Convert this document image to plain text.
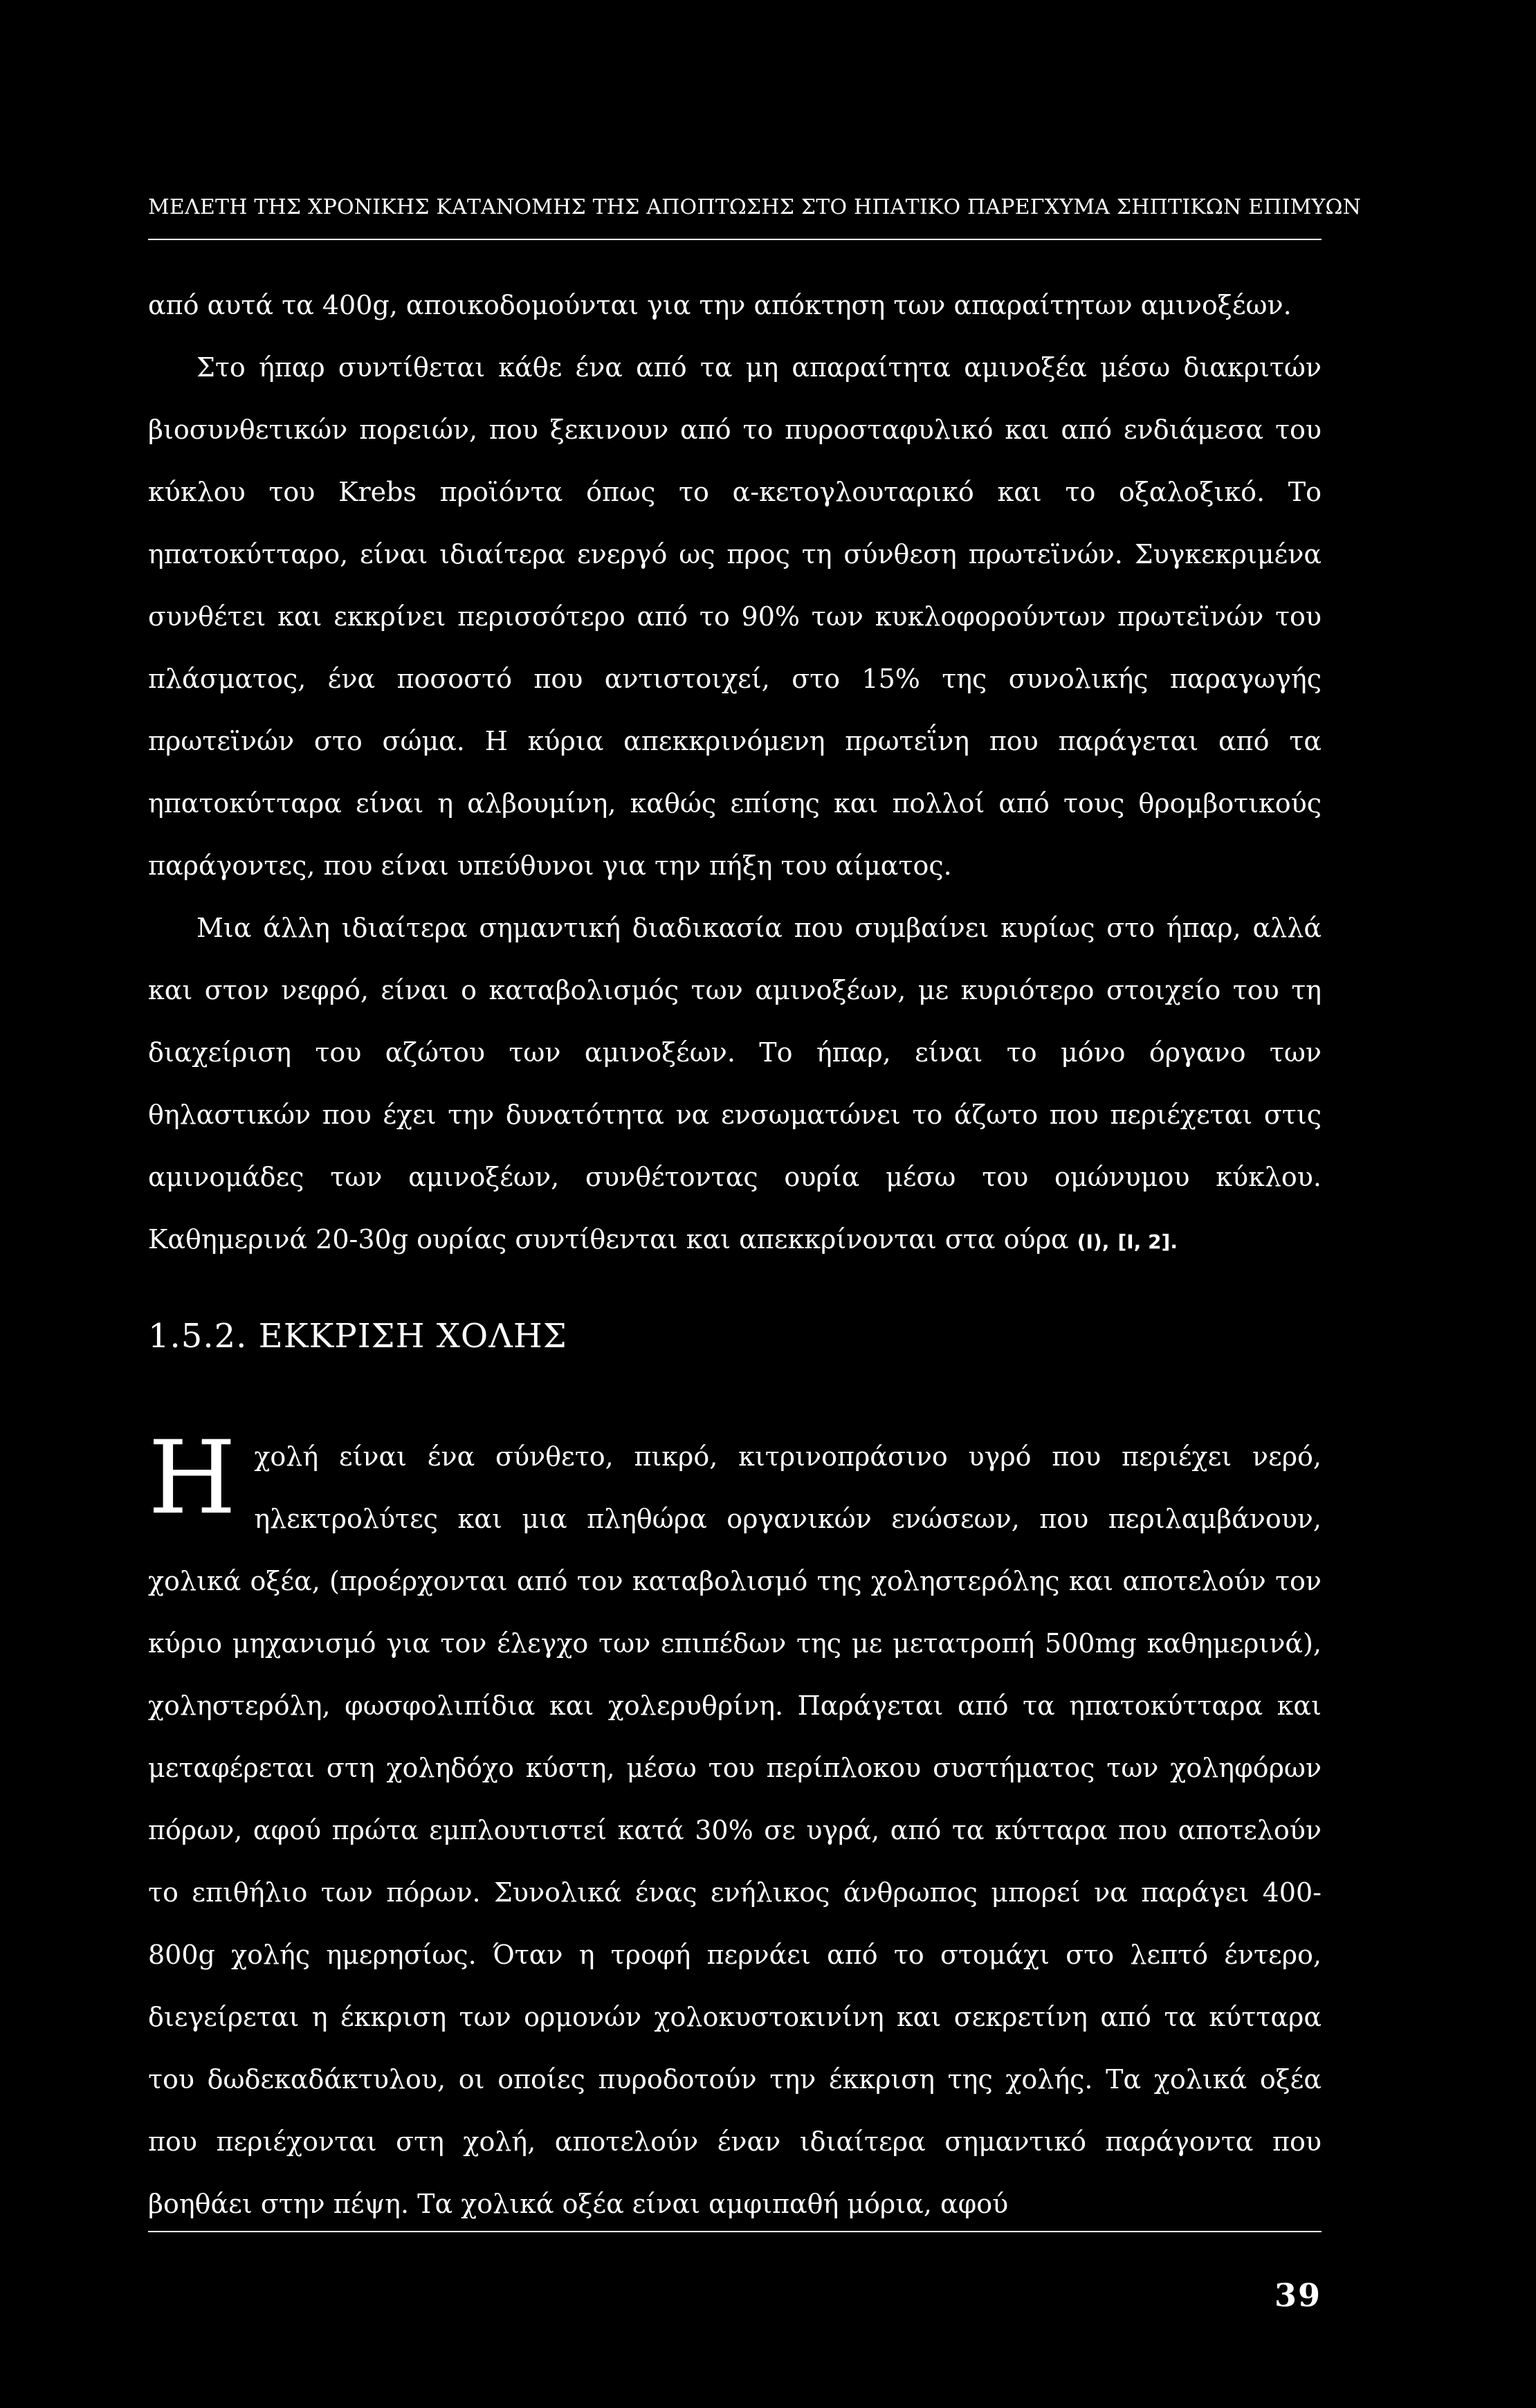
ΜΕΛΕΤΗ ΤΗΣ ΧΡΟΝΙΚΗΣ ΚΑΤΑΝΟΜΗΣ ΤΗΣ ΑΠΟΠΤΩΣΗΣ ΣΤΟ ΗΠΑΤΙΚΟ ΠΑΡΕΓΧΥΜΑ ΣΗΠΤΙΚΩΝ ΕΠΙΜΥΩΝ

από αυτά τα 400g, αποικοδομούνται για την απόκτηση των απαραίτητων αμινοξέων.

Στο ήπαρ συντίθεται κάθε ένα από τα μη απαραίτητα αμινοξέα μέσω διακριτών βιοσυνθετικών πορειών, που ξεκινουν από το πυροσταφυλικό και από ενδιάμεσα του κύκλου του Krebs προϊόντα όπως το α-κετογλουταρικό και το οξαλοξικό. Το ηπατοκύτταρο, είναι ιδιαίτερα ενεργό ως προς τη σύνθεση πρωτεϊνών. Συγκεκριμένα συνθέτει και εκκρίνει περισσότερο από το 90% των κυκλοφορούντων πρωτεϊνών του πλάσματος, ένα ποσοστό που αντιστοιχεί, στο 15% της συνολικής παραγωγής πρωτεϊνών στο σώμα. Η κύρια απεκκρινόμενη πρωτεΐνη που παράγεται από τα ηπατοκύτταρα είναι η αλβουμίνη, καθώς επίσης και πολλοί από τους θρομβοτικούς παράγοντες, που είναι υπεύθυνοι για την πήξη του αίματος.

Μια άλλη ιδιαίτερα σημαντική διαδικασία που συμβαίνει κυρίως στο ήπαρ, αλλά και στον νεφρό, είναι ο καταβολισμός των αμινοξέων, με κυριότερο στοιχείο του τη διαχείριση του αζώτου των αμινοξέων. Το ήπαρ, είναι το μόνο όργανο των θηλαστικών που έχει την δυνατότητα να ενσωματώνει το άζωτο που περιέχεται στις αμινομάδες των αμινοξέων, συνθέτοντας ουρία μέσω του ομώνυμου κύκλου. Καθημερινά 20-30g ουρίας συντίθενται και απεκκρίνονται στα ούρα (I), [I, 2].

1.5.2. ΕΚΚΡΙΣΗ ΧΟΛΗΣ

Ηχολή είναι ένα σύνθετο, πικρό, κιτρινοπράσινο υγρό που περιέχει νερό, ηλεκτρολύτες και μια πληθώρα οργανικών ενώσεων, που περιλαμβάνουν, χολικά οξέα, (προέρχονται από τον καταβολισμό της χοληστερόλης και αποτελούν τον κύριο μηχανισμό για τον έλεγχο των επιπέδων της με μετατροπή 500mg καθημερινά), χοληστερόλη, φωσφολιπίδια και χολερυθρίνη. Παράγεται από τα ηπατοκύτταρα και μεταφέρεται στη χοληδόχο κύστη, μέσω του περίπλοκου συστήματος των χοληφόρων πόρων, αφού πρώτα εμπλουτιστεί κατά 30% σε υγρά, από τα κύτταρα που αποτελούν το επιθήλιο των πόρων. Συνολικά ένας ενήλικος άνθρωπος μπορεί να παράγει 400-800g χολής ημερησίως. Όταν η τροφή περνάει από το στομάχι στο λεπτό έντερο, διεγείρεται η έκκριση των ορμονών χολοκυστοκινίνη και σεκρετίνη από τα κύτταρα του δωδεκαδάκτυλου, οι οποίες πυροδοτούν την έκκριση της χολής. Τα χολικά οξέα που περιέχονται στη χολή, αποτελούν έναν ιδιαίτερα σημαντικό παράγοντα που βοηθάει στην πέψη. Τα χολικά οξέα είναι αμφιπαθή μόρια, αφού

39
